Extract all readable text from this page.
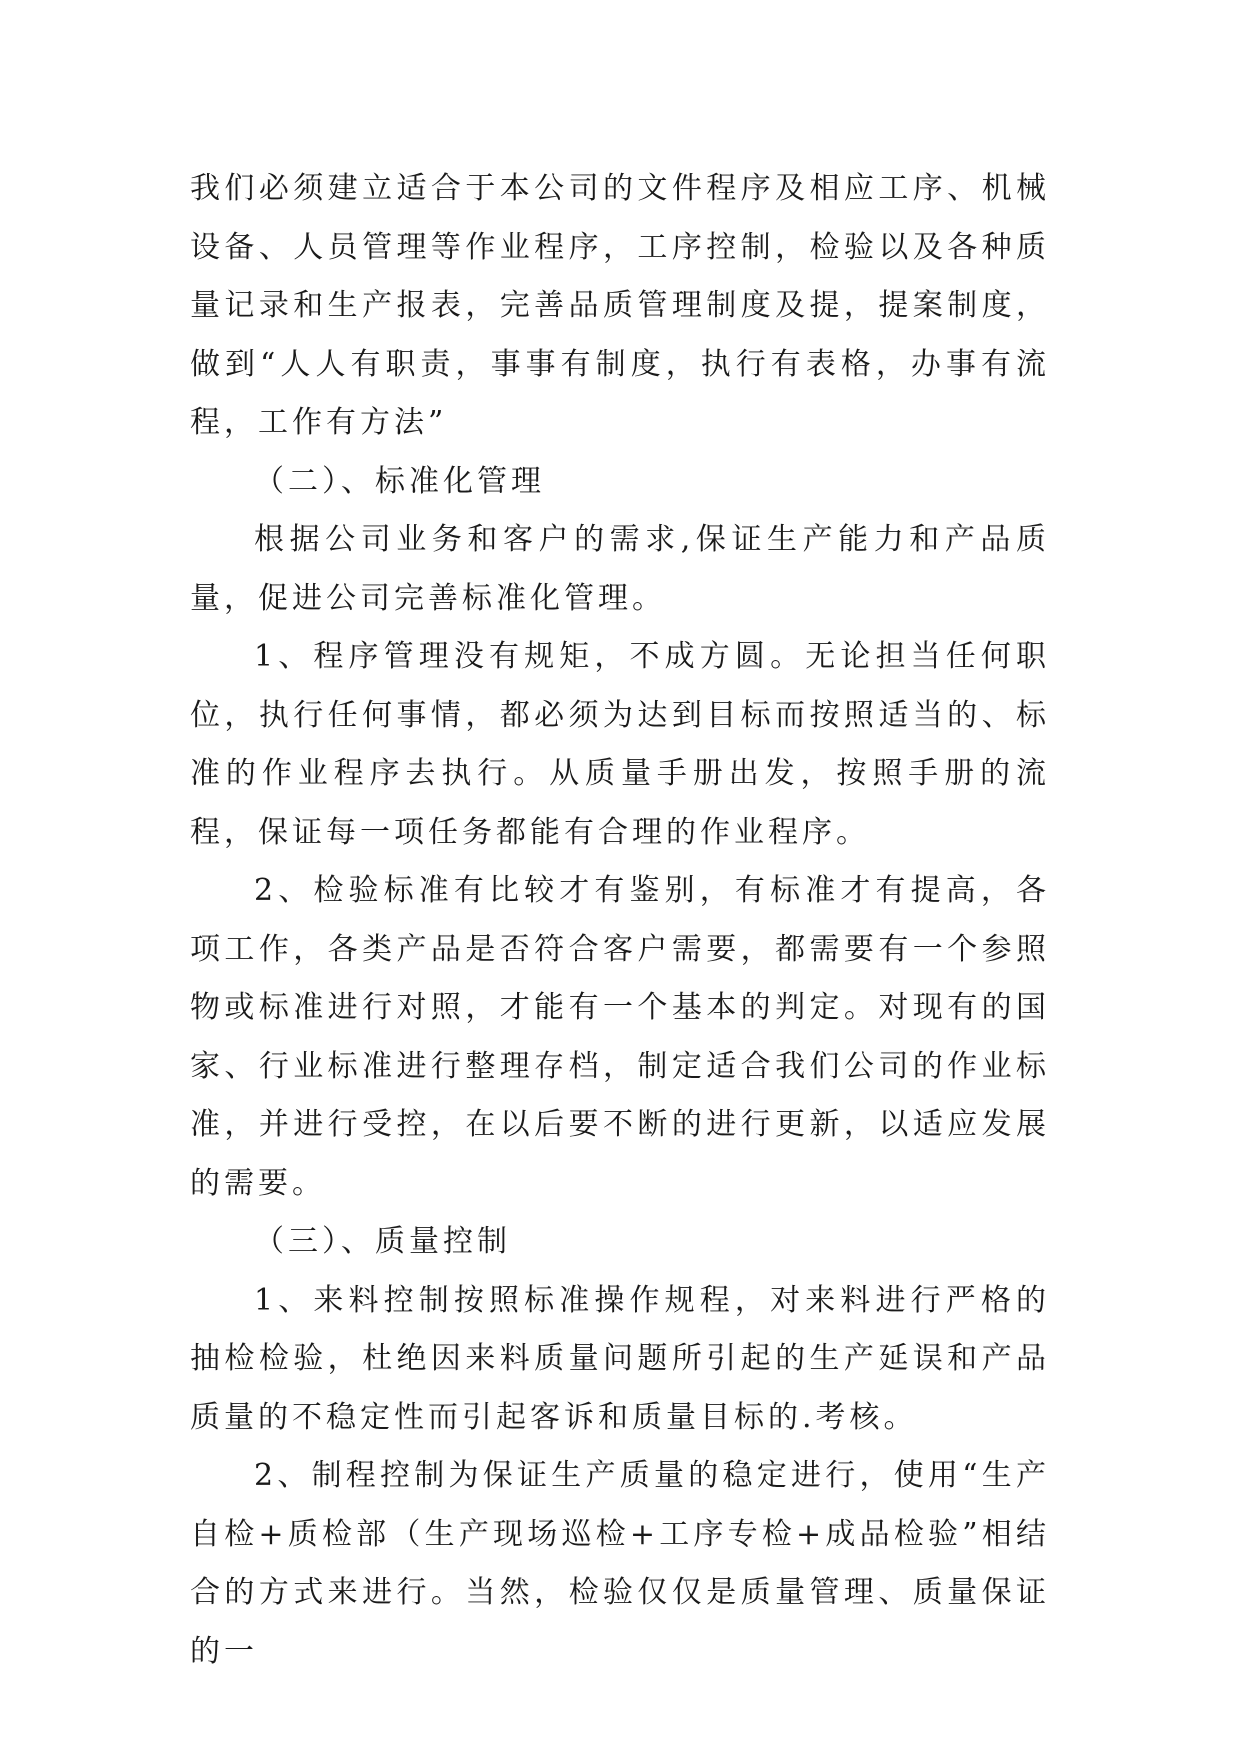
我们必须建立适合于本公司的文件程序及相应工序、机械设备、人员管理等作业程序，工序控制，检验以及各种质量记录和生产报表，完善品质管理制度及提，提案制度，做到“人人有职责，事事有制度，执行有表格，办事有流程，工作有方法”

（二）、标准化管理

根据公司业务和客户的需求,保证生产能力和产品质量，促进公司完善标准化管理。

1、程序管理没有规矩，不成方圆。无论担当任何职位，执行任何事情，都必须为达到目标而按照适当的、标准的作业程序去执行。从质量手册出发，按照手册的流程，保证每一项任务都能有合理的作业程序。

2、检验标准有比较才有鉴别，有标准才有提高，各项工作，各类产品是否符合客户需要，都需要有一个参照物或标准进行对照，才能有一个基本的判定。对现有的国家、行业标准进行整理存档，制定适合我们公司的作业标准，并进行受控，在以后要不断的进行更新，以适应发展的需要。

（三）、质量控制

1、来料控制按照标准操作规程，对来料进行严格的抽检检验，杜绝因来料质量问题所引起的生产延误和产品质量的不稳定性而引起客诉和质量目标的.考核。

2、制程控制为保证生产质量的稳定进行，使用“生产自检+质检部（生产现场巡检+工序专检+成品检验”相结合的方式来进行。当然，检验仅仅是质量管理、质量保证的一
